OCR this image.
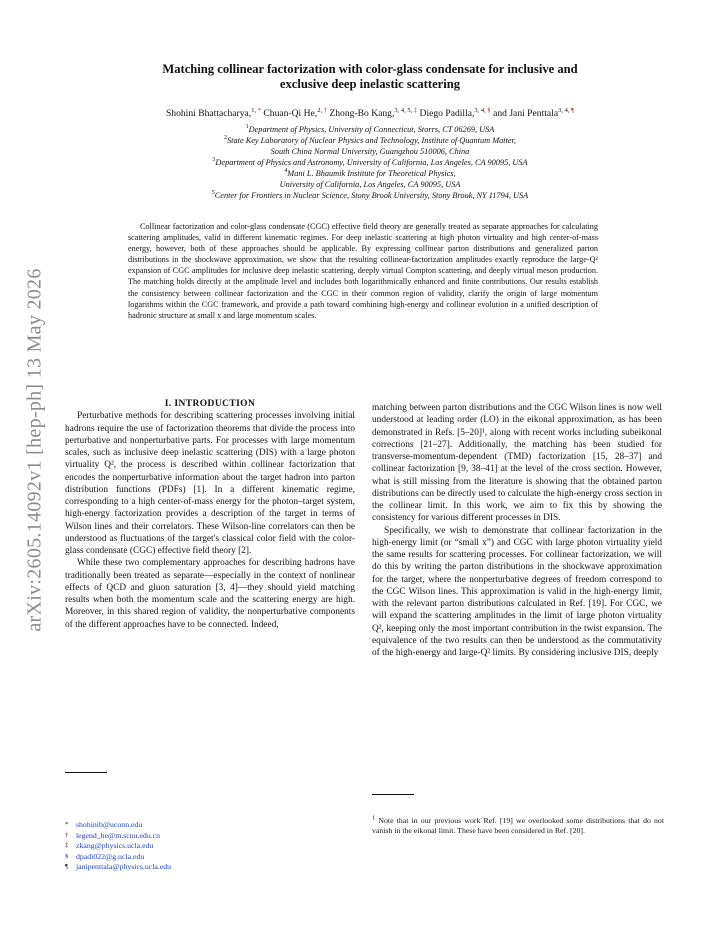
arXiv:2605.14092v1 [hep-ph] 13 May 2026
Matching collinear factorization with color-glass condensate for inclusive and
exclusive deep inelastic scattering
Shohini Bhattacharya,$^{1, *}$ Chuan-Qi He,$^{2, \dagger}$ Zhong-Bo Kang,$^{3, 4, 5, \ddagger}$ Diego Padilla,$^{3, 4, \S}$ and Jani Penttala$^{3, 4, \P}$
$^1$Department of Physics, University of Connecticut, Storrs, CT 06269, USA
$^2$State Key Laboratory of Nuclear Physics and Technology, Institute of Quantum Matter,
South China Normal University, Guangzhou 510006, China
$^3$Department of Physics and Astronomy, University of California, Los Angeles, CA 90095, USA
$^4$Mani L. Bhaumik Institute for Theoretical Physics,
University of California, Los Angeles, CA 90095, USA
$^5$Center for Frontiers in Nuclear Science, Stony Brook University, Stony Brook, NY 11794, USA
Collinear factorization and color-glass condensate (CGC) effective field theory are generally treated as separate approaches for calculating scattering amplitudes, valid in different kinematic regimes. For deep inelastic scattering at high photon virtuality and high center-of-mass energy, however, both of these approaches should be applicable. By expressing collinear parton distributions and generalized parton distributions in the shockwave approximation, we show that the resulting collinear-factorization amplitudes exactly reproduce the large-Q² expansion of CGC amplitudes for inclusive deep inelastic scattering, deeply virtual Compton scattering, and deeply virtual meson production. The matching holds directly at the amplitude level and includes both logarithmically enhanced and finite contributions. Our results establish the consistency between collinear factorization and the CGC in their common region of validity, clarify the origin of large momentum logarithms within the CGC framework, and provide a path toward combining high-energy and collinear evolution in a unified description of hadronic structure at small x and large momentum scales.

I. INTRODUCTION

Perturbative methods for describing scattering processes involving initial hadrons require the use of factorization theorems that divide the process into perturbative and nonperturbative parts. For processes with large momentum scales, such as inclusive deep inelastic scattering (DIS) with a large photon virtuality Q², the process is described within collinear factorization that encodes the nonperturbative information about the target hadron into parton distribution functions (PDFs) [1]. In a different kinematic regime, corresponding to a high center-of-mass energy for the photon–target system, high-energy factorization provides a description of the target in terms of Wilson lines and their correlators. These Wilson-line correlators can then be understood as fluctuations of the target's classical color field with the color-glass condensate (CGC) effective field theory [2].

While these two complementary approaches for describing hadrons have traditionally been treated as separate—especially in the context of nonlinear effects of QCD and gluon saturation [3, 4]—they should yield matching results when both the momentum scale and the scattering energy are high. Moreover, in this shared region of validity, the nonperturbative components of the different approaches have to be connected. Indeed,

matching between parton distributions and the CGC Wilson lines is now well understood at leading order (LO) in the eikonal approximation, as has been demonstrated in Refs. [5–20]¹, along with recent works including subeikonal corrections [21–27]. Additionally, the matching has been studied for transverse-momentum-dependent (TMD) factorization [15, 28–37] and collinear factorization [9, 38–41] at the level of the cross section. However, what is still missing from the literature is showing that the obtained parton distributions can be directly used to calculate the high-energy cross section in the collinear limit. In this work, we aim to fix this by showing the consistency for various different processes in DIS.

Specifically, we wish to demonstrate that collinear factorization in the high-energy limit (or “small x”) and CGC with large photon virtuality yield the same results for scattering processes. For collinear factorization, we will do this by writing the parton distributions in the shockwave approximation for the target, where the nonperturbative degrees of freedom correspond to the CGC Wilson lines. This approximation is valid in the high-energy limit, with the relevant parton distributions calculated in Ref. [19]. For CGC, we will expand the scattering amplitudes in the limit of large photon virtuality Q², keeping only the most important contribution in the twist expansion. The equivalence of the two results can then be understood as the commutativity of the high-energy and large-Q² limits. By considering inclusive DIS, deeply

* shohinib@uconn.edu
† legend_he@m.scnu.edu.cn
‡ zkang@physics.ucla.edu
§ dpadi022@g.ucla.edu
¶ janipenttala@physics.ucla.edu
$^1$ Note that in our previous work Ref. [19] we overlooked some distributions that do not vanish in the eikonal limit. These have been considered in Ref. [20].
